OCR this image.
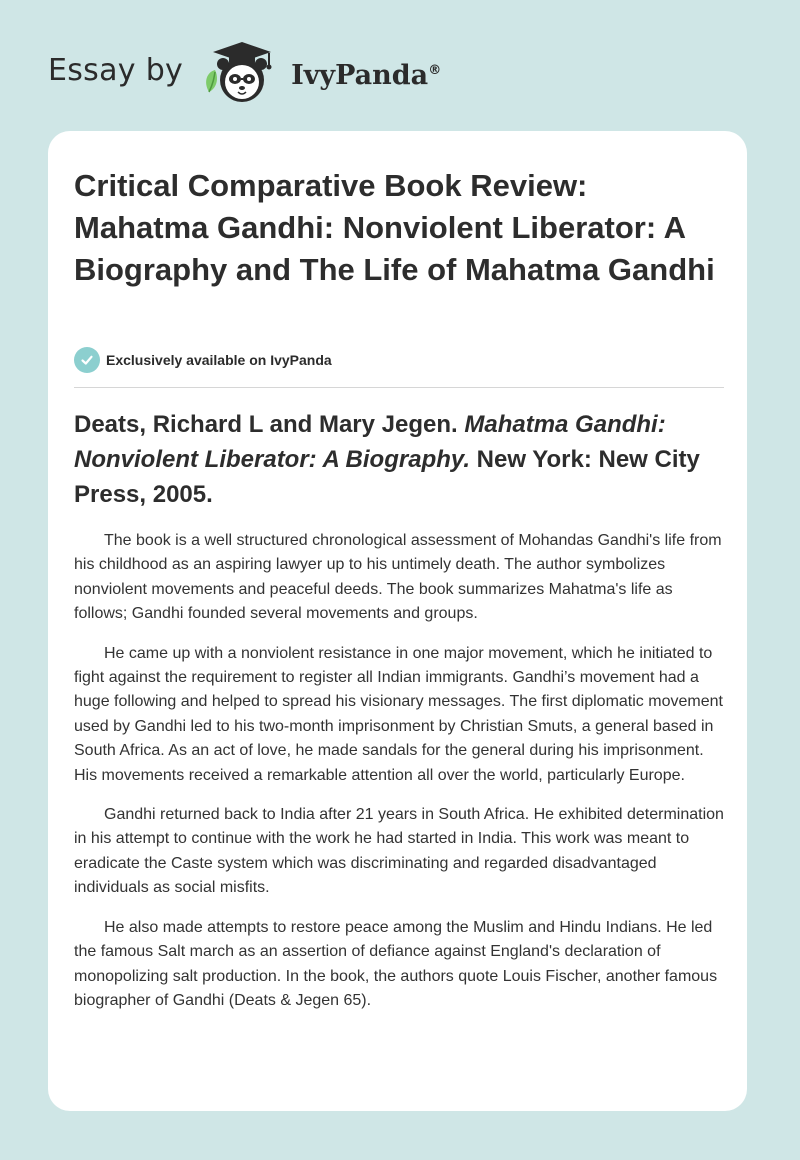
Essay by	IvyPanda®
Critical Comparative Book Review: Mahatma Gandhi: Nonviolent Liberator: A Biography and The Life of Mahatma Gandhi
Exclusively available on IvyPanda
Deats, Richard L and Mary Jegen. Mahatma Gandhi: Nonviolent Liberator: A Biography. New York: New City Press, 2005.

The book is a well structured chronological assessment of Mohandas Gandhi's life from his childhood as an aspiring lawyer up to his untimely death. The author symbolizes nonviolent movements and peaceful deeds. The book summarizes Mahatma's life as follows; Gandhi founded several movements and groups.

He came up with a nonviolent resistance in one major movement, which he initiated to fight against the requirement to register all Indian immigrants. Gandhi’s movement had a huge following and helped to spread his visionary messages. The first diplomatic movement used by Gandhi led to his two-month imprisonment by Christian Smuts, a general based in South Africa. As an act of love, he made sandals for the general during his imprisonment. His movements received a remarkable attention all over the world, particularly Europe.

Gandhi returned back to India after 21 years in South Africa. He exhibited determination in his attempt to continue with the work he had started in India. This work was meant to eradicate the Caste system which was discriminating and regarded disadvantaged individuals as social misfits.

He also made attempts to restore peace among the Muslim and Hindu Indians. He led the famous Salt march as an assertion of defiance against England's declaration of monopolizing salt production. In the book, the authors quote Louis Fischer, another famous biographer of Gandhi (Deats & Jegen 65).
